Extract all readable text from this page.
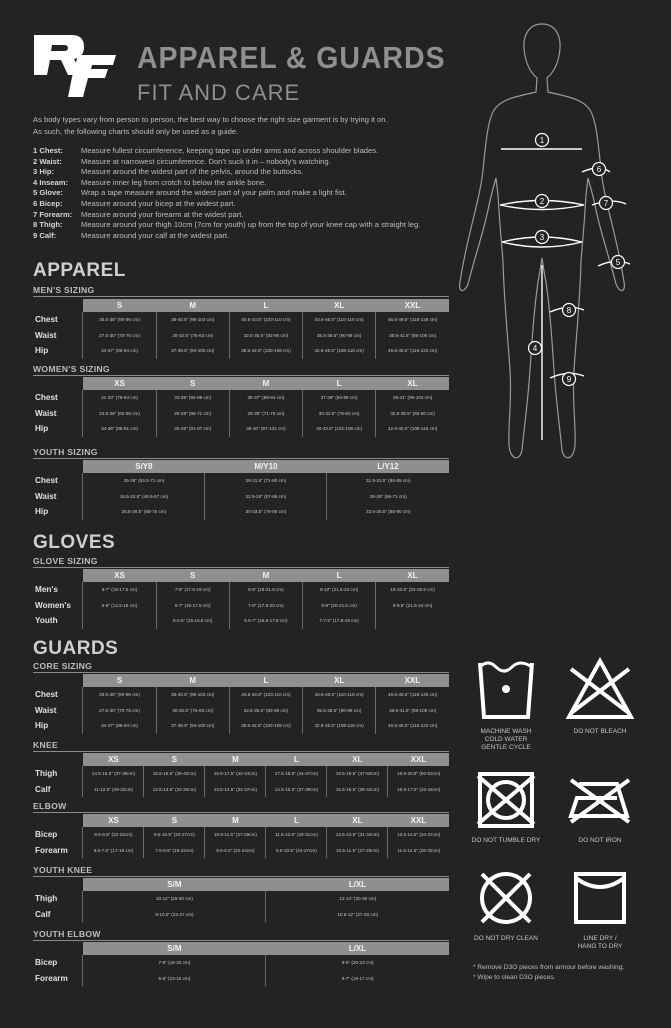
APPAREL & GUARDS
FIT AND CARE
As body types vary from person to person, the best way to choose the right size garment is by trying it on.
As such, the following charts should only be used as a guide.
1 Chest:	Measure fullest circumference, keeping tape up under arms and across shoulder blades.
2 Waist:	Measure at narrowest circumference. Don’t suck it in – nobody’s watching.
3 Hip:	Measure around the widest part of the pelvis, around the buttocks.
4 Inseam:	Measure inner leg from crotch to below the ankle bone.
5 Glove:	Wrap a tape measure around the widest part of your palm and make a light fist.
6 Bicep:	Measure around your bicep at the widest part.
7 Forearm:	Measure around your forearm at the widest part.
8 Thigh:	Measure around your thigh 10cm (7cm for youth) up from the top of your knee cap with a straight leg.
9 Calf:	Measure around your calf at the widest part.
APPAREL
MEN'S SIZING
	S	M	L	XL	XXL
Chest	35.5-38" (90-96 cm)	38-40.5" (96-103 cm)	40.5-43.5" (103-110 cm)	43.5-46.5" (110-118 cm)	46.5-49.5" (118-126 cm)
Waist	27.5-30" (70-76 cm)	30-32.5" (76-83 cm)	32.5-35.5" (83-90 cm)	35.5-38.5" (90-98 cm)	38.5-41.5" (98-105 cm)
Hip	34-37" (86-94 cm)	37-39.5" (94-100 cm)	39.5-42.5" (100-108 cm)	42.5-45.5" (108-116 cm)	45.5-48.5" (116-123 cm)
WOMEN'S SIZING
	XS	S	M	L	XL
Chest	31-33" (79-84 cm)	33-35" (84-89 cm)	35-37" (89-94 cm)	37-39" (94-99 cm)	39-41" (99-104 cm)
Waist	24.5-26" (62-66 cm)	26-28" (66-71 cm)	28-30" (71-76 cm)	30-32.5" (76-83 cm)	32.5-35.5" (83-90 cm)
Hip	34-36" (86-91 cm)	36-38" (91-97 cm)	38-40" (97-102 cm)	40-42.5" (102-108 cm)	42.5-45.5" (108-116 cm)
YOUTH SIZING
	S/Y8	M/Y10	L/Y12
Chest	25-28" (63.5-71 cm)	28-31.5" (71-80 cm)	31.5-33.5" (80-85 cm)
Waist	19.5-22.5" (49.5-57 cm)	22.5-26" (57-66 cm)	26-28" (66-71 cm)
Hip	25.5-28.5" (68-76 cm)	30-33.5" (76-85 cm)	33.5-35.5" (85-90 cm)
GLOVES
GLOVE SIZING
	XS	S	M	L	XL
Men's	6-7" (15-17.5 cm)	7-8" (17.5-19 cm)	8-9" (19-21.5 cm)	9-10" (21.5-24 cm)	10-10.5" (24-26.5 cm)
Women's	5-6" (12.5-15 cm)	6-7" (15-17.5 cm)	7-8" (17.5-20 cm)	8-9" (20-21.5 cm)	9-9.5" (21.5-24 cm)
Youth		6-6.5" (15-16.5 cm)	6.5-7" (16.5-17.8 cm)	7-7.5" (17.8-19 cm)	
GUARDS
CORE SIZING
	S	M	L	XL	XXL
Chest	35.5-38" (90-96 cm)	38-40.5" (96-103 cm)	40.5-43.5" (103-110 cm)	43.5-46.5" (110-118 cm)	46.5-49.5" (118-126 cm)
Waist	27.5-30" (70-76 cm)	30-32.5" (76-83 cm)	32.5-35.5" (83-90 cm)	35.5-38.5" (90-98 cm)	38.5-41.5" (98-105 cm)
Hip	34-37" (86-94 cm)	37-39.5" (94-100 cm)	39.5-42.5" (100-108 cm)	42.5-45.5" (108-116 cm)	45.5-48.5" (116-123 cm)
KNEE
	XS	S	M	L	XL	XXL
Thigh	14.5-15.5" (37-39cm)	15.5-16.5" (39-42cm)	16.5-17.5" (42-44cm)	17.5-18.5" (44-47cm)	18.5-19.5" (47-50cm)	19.5-20.5" (50-52cm)
Calf	11-12.5" (29-32cm)	12.5-13.5" (32-34cm)	13.5-14.5" (34-37cm)	14.5-15.5" (37-39cm)	15.5-16.5" (39-42cm)	16.5-17.5" (42-44cm)
ELBOW
	XS	S	M	L	XL	XXL
Bicep	8.5-9.5" (22-24cm)	9.5-10.5" (24-27cm)	10.5-11.5" (27-29cm)	11.5-12.5" (29-31cm)	12.5-13.5" (31-34cm)	13.5-14.5" (34-37cm)
Forearm	6.5-7.5" (17-19 cm)	7.5-8.5" (19-22cm)	8.5-9.5" (22-24cm)	9.5-10.5" (24-27cm)	10.5-11.5" (27-29cm)	11.5-12.5" (29-32cm)
YOUTH KNEE
	S/M	L/XL
Thigh	10-12" (25-30 cm)	12-14" (30-36 cm)
Calf	9-10.5" (23-27 cm)	10.5-12" (27-30 cm)
YOUTH ELBOW
	S/M	L/XL
Bicep	7-8" (18-20 cm)	8-9" (20-23 cm)
Forearm	5-6" (13-15 cm)	6-7" (15-17 cm)
1
2
3
4
5
6
7
8
9
MACHINE WASH
COLD WATER
GENTLE CYCLE
DO NOT BLEACH
DO NOT TUMBLE DRY	DO NOT IRON
DO NOT DRY CLEAN	LINE DRY /
HANG TO DRY
* Remove D3O pieces from armour before washing.
* Wipe to clean D3O pieces.
